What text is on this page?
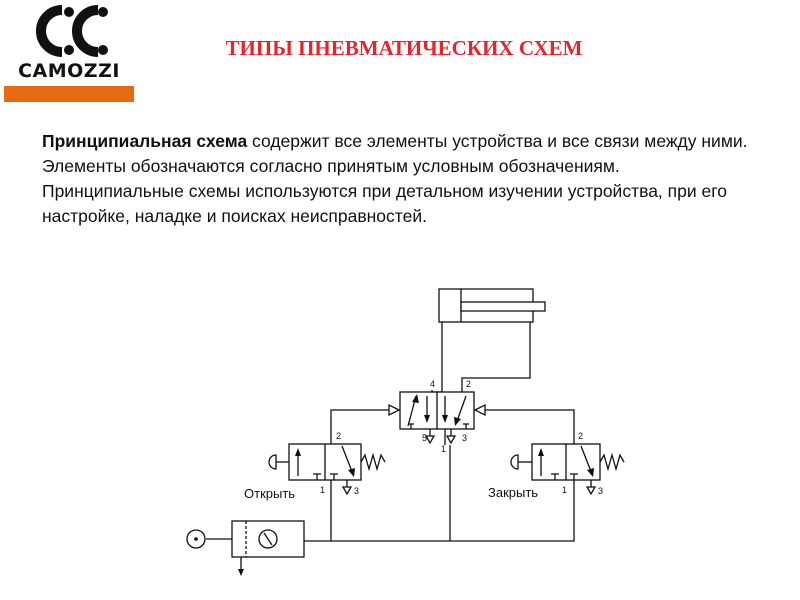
CAMOZZI
ТИПЫ ПНЕВМАТИЧЕСКИХ СХЕМ

Принципиальная схема содержит все элементы устройства и все связи между ними. Элементы обозначаются согласно принятым условным обозначениям. Принципиальные схемы используются при детальном изучении устройства, при его настройке, наладке и поисках неисправностей.

4	2
5	3
1
2
1	3
Открыть
2
1	3
Закрыть
